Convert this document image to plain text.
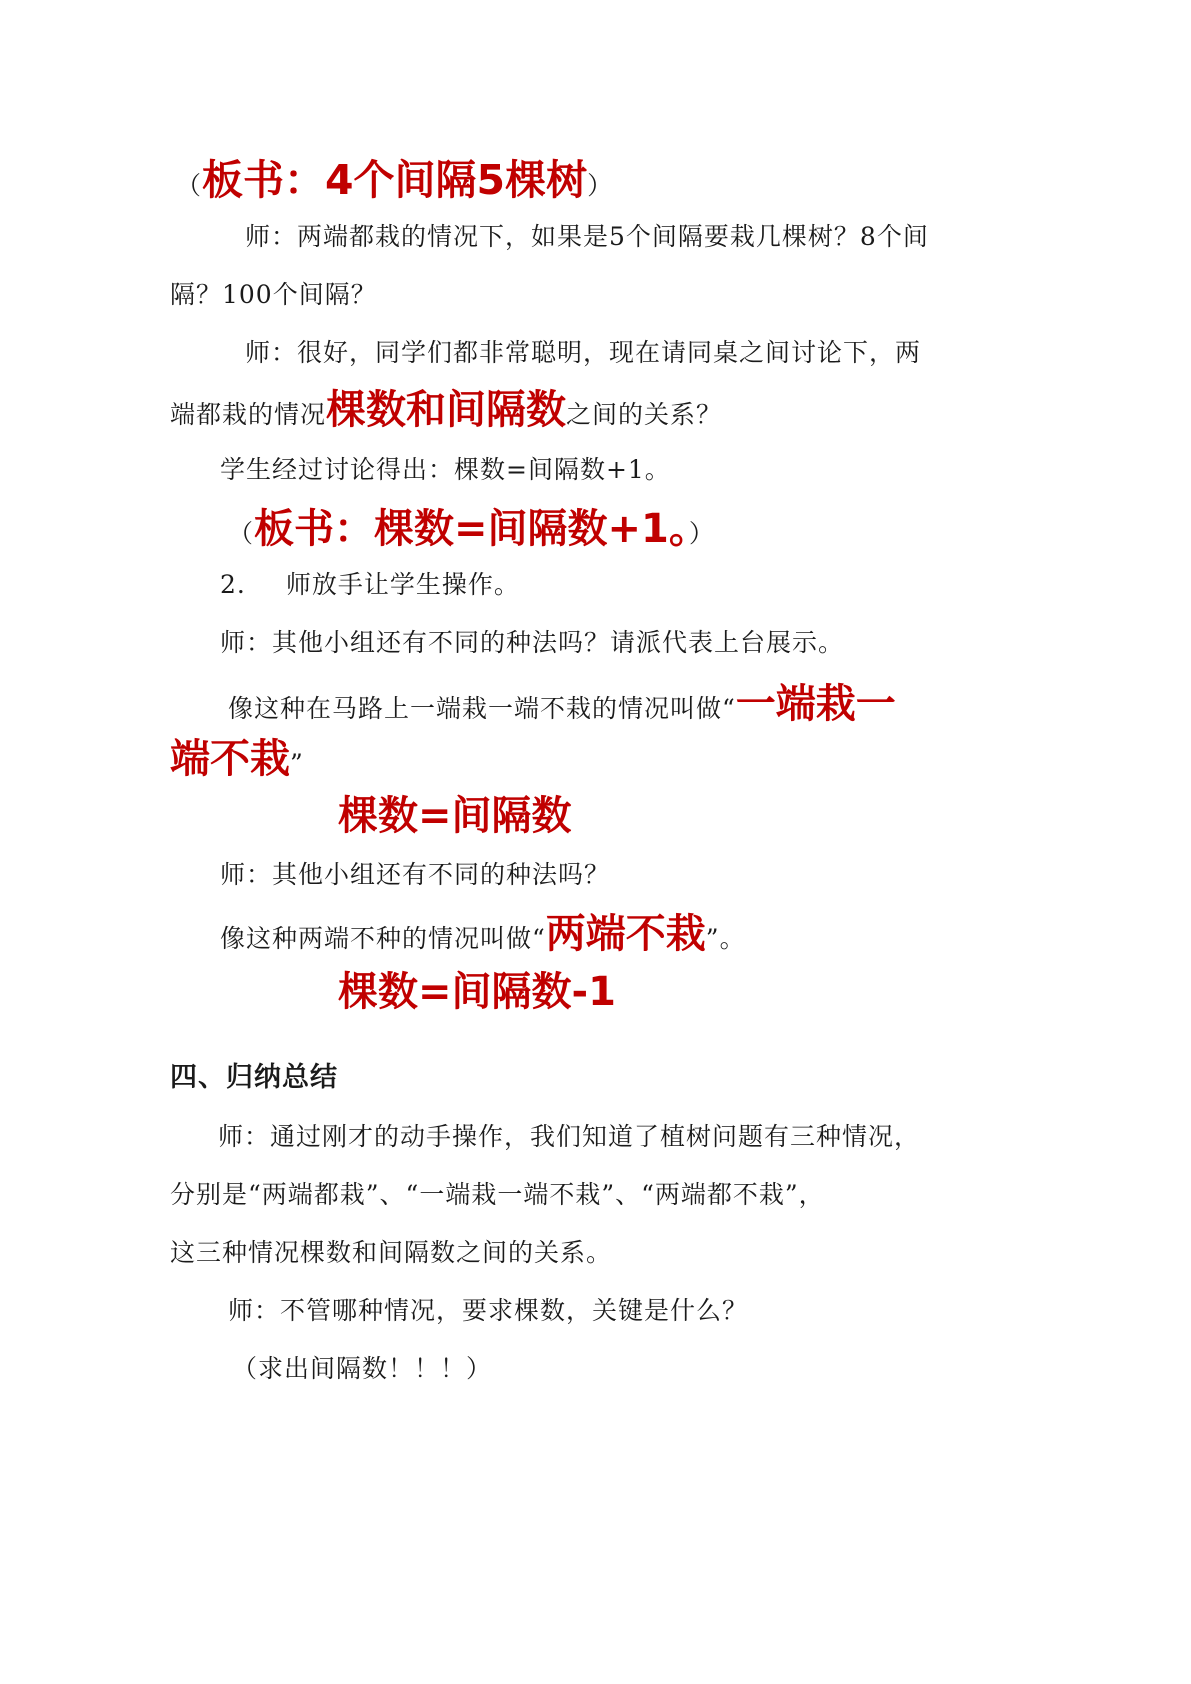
（板书：4个间隔5棵树）
师：两端都栽的情况下，如果是5个间隔要栽几棵树？8个间
隔？100个间隔？
师：很好，同学们都非常聪明，现在请同桌之间讨论下，两
端都栽的情况棵数和间隔数之间的关系？
学生经过讨论得出：棵数=间隔数+1。
（板书：棵数=间隔数+1。）
2. 师放手让学生操作。
师：其他小组还有不同的种法吗？请派代表上台展示。
像这种在马路上一端栽一端不栽的情况叫做“一端栽一
端不栽”
棵数=间隔数
师：其他小组还有不同的种法吗？
像这种两端不种的情况叫做“两端不栽”。
棵数=间隔数-1
四、归纳总结
师：通过刚才的动手操作，我们知道了植树问题有三种情况，
分别是“两端都栽”、“一端栽一端不栽”、“两端都不栽”，
这三种情况棵数和间隔数之间的关系。
师：不管哪种情况，要求棵数，关键是什么？
（求出间隔数！！！）
